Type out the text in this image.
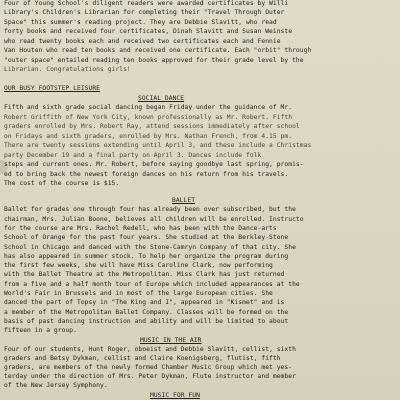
Four of Young School's diligent readers were awarded certificates by Willi
Library's Children's Librarian for completing their "Travel Through Outer
Space" this summer's reading project. They are Debbie Slavitt, who read
forty books and received four certificates, Dinah Slavitt and Susan Weinste
who read twenty books each and received two certificates each and Fennie
Van Houten who read ten books and received one certificate. Each "orbit" through
"outer space" entailed reading ten books approved for their grade level by the
Librarian. Congratulations girls!
OUR BUSY FOOTSTEP LEISURE
SOCIAL DANCE
Fifth and sixth grade social dancing began Friday under the guidance of Mr.
Robert Griffith of New York City, known professionally as Mr. Robert. Fifth
graders enrolled by Mrs. Robert Ray, attend sessions immediately after school
on Fridays and sixth graders, enrolled by Mrs. Nathan French, from 4.15 pm.
There are twenty sessions extending until April 3, and these include a Christmas
party December 19 and a final party on April 3. Dances include folk
steps and current ones. Mr. Robert, before saying goodbye last spring, promis-
ed to bring back the newest foreign dances on his return from his travels.
The cost of the course is $15.
BALLET
Ballet for grades one through four has already been over subscribed, but the
chairman, Mrs. Julian Boone, believes all children will be enrolled. Instructo
for the course are Mrs. Rachel Redell, who has been with the Dance-arts
School of Orange for the past four years. She studied at the Berkley-Stone
School in Chicago and danced with the Stone-Camryn Company of that city. She
has also appeared in summer stock. To help her organize the program during
the first few weeks, she will have Miss Caroline Clark, now performing
with the Ballet Theatre at the Metropolitan. Miss Clark has just returned
from a five and a half month tour of Europe which included appearances at the
World's Fair in Brussels and in most of the large European cities. She
danced the part of Topsy in "The King and I", appeared in "Kismet" and is
a member of the Metropolitan Ballet Company. Classes will be formed on the
basis of past dancing instruction and ability and will be limited to about
fifteen in a group.
MUSIC IN THE AIR
Four of our students, Hunt Roger, oboeist and Debbie Slavitt, cellist, sixth
graders and Betsy Dykman, cellist and Claire Koenigsberg, flutist, fifth
graders, are members of the newly formed Chamber Music Group which met yes-
terday under the direction of Mrs. Peter Dykman, Flute instructor and member
of the New Jersey Symphony.
MUSIC FOR FUN
